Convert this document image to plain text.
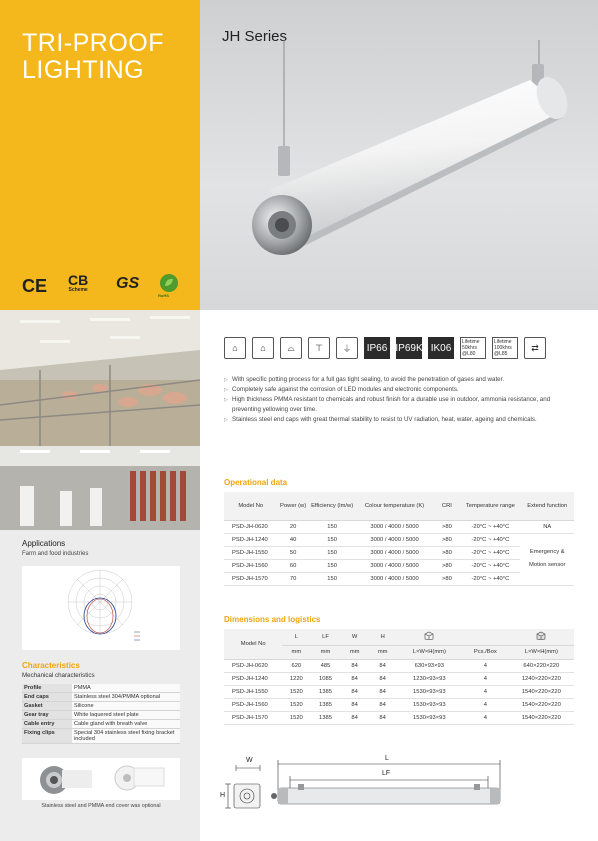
TRI-PROOF
LIGHTING
JH Series
CE CB
Scheme GS
RoHS
Applications
Farm and food industries
Characteristics
Mechanical characteristics
Profile	PMMA
End caps	Stainless steel 304/PMMA optional
Gasket	Silicone
Gear tray	White laquered steel plate
Cable entry	Cable gland with breath valve
Fixing clips	Special 304 stainless steel fixing bracket included
Stainless steel and PMMA end cover was optional
⌂	⌂	⌓	⊤	⏚	IP66 IP69K IK06
Lifetime
50khrs
@L80
Lifetime
100khrs
@L85
⇄
▷ With specific potting process for a full gas tight sealing, to avoid the penetration of gases and water.
▷ Completely safe against the corrosion of LED modules and electronic components.
▷ High thickness PMMA resistant to chemicals and robust finish for a durable use in outdoor, ammonia resistance, and preventing yellowing over time.
▷ Stainless steel end caps with great thermal stability to resist to UV radiation, heat, water, ageing and chemicals.
Operational data
Model No	Power (w)	Efficiency (lm/w)	Colour temperature (K)	CRI	Temperature range	Extend function
PSD-JH-0620	20	150	3000 / 4000 / 5000	>80	-20°C ~ +40°C	NA
PSD-JH-1240	40	150	3000 / 4000 / 5000	>80	-20°C ~ +40°C	Emergency & Motion sensor
PSD-JH-1550	50	150	3000 / 4000 / 5000	>80	-20°C ~ +40°C	
PSD-JH-1560	60	150	3000 / 4000 / 5000	>80	-20°C ~ +40°C	
PSD-JH-1570	70	150	3000 / 4000 / 5000	>80	-20°C ~ +40°C	
Dimensions and logistics
Model No	L	LF	W	H			
	mm	mm	mm	mm	L×W×H(mm)	Pcs./Box	L×W×H(mm)
PSD-JH-0620	620	485	84	84	630×93×93	4	640×220×220
PSD-JH-1240	1220	1085	84	84	1230×93×93	4	1240×220×220
PSD-JH-1550	1520	1385	84	84	1530×93×93	4	1540×220×220
PSD-JH-1560	1520	1385	84	84	1530×93×93	4	1540×220×220
PSD-JH-1570	1520	1385	84	84	1530×93×93	4	1540×220×220
W
H
L
LF
